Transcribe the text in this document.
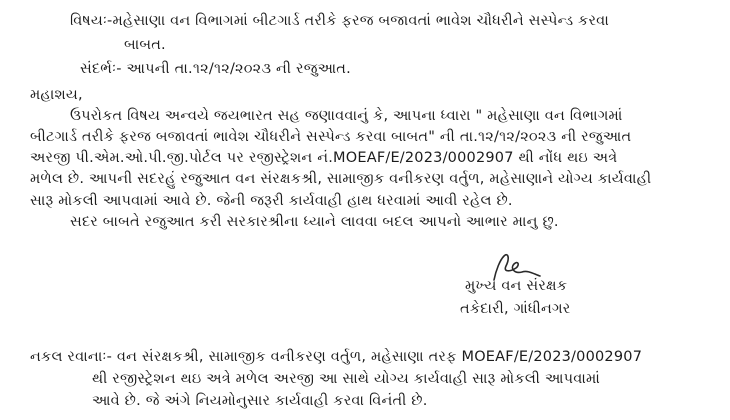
વિષયઃ-મહેસાણા વન વિભાગમાં બીટગાર્ડ તરીકે ફરજ બજાવતાં ભાવેશ ચૌધરીને સસ્પેન્ડ કરવા
બાબત.
સંદર્ભઃ- આપની તા.૧૨/૧૨/૨૦૨૩ ની રજુઆત.
મહાશય,
ઉપરોકત વિષય અન્વયે જયભારત સહ જણાવવાનું કે, આપના ધ્વારા " મહેસાણા વન વિભાગમાં
બીટગાર્ડ તરીકે ફરજ બજાવતાં ભાવેશ ચૌધરીને સસ્પેન્ડ કરવા બાબત" ની તા.૧૨/૧૨/૨૦૨૩ ની રજુઆત
અરજી પી.એમ.ઓ.પી.જી.પોર્ટલ પર રજીસ્ટ્રેશન નં.MOEAF/E/2023/0002907 થી નોંધ થઇ અત્રે
મળેલ છે. આપની સદરહું રજુઆત વન સંરક્ષકશ્રી, સામાજીક વનીકરણ વર્તુળ, મહેસાણાને યોગ્ય કાર્યવાહી
સારૂ મોકલી આપવામાં આવે છે. જેની જરૂરી કાર્યવાહી હાથ ધરવામાં આવી રહેલ છે.
સદર બાબતે રજુઆત કરી સરકારશ્રીના ધ્યાને લાવવા બદલ આપનો આભાર માનુ છુ.
મુખ્ય વન સંરક્ષક
તકેદારી, ગાંધીનગર
નકલ રવાનાઃ- વન સંરક્ષકશ્રી, સામાજીક વનીકરણ વર્તુળ, મહેસાણા તરફ MOEAF/E/2023/0002907
થી રજીસ્ટ્રેશન થઇ અત્રે મળેલ અરજી આ સાથે યોગ્ય કાર્યવાહી સારૂ મોકલી આપવામાં
આવે છે. જે અંગે નિયમોનુસાર કાર્યવાહી કરવા વિનંતી છે.
